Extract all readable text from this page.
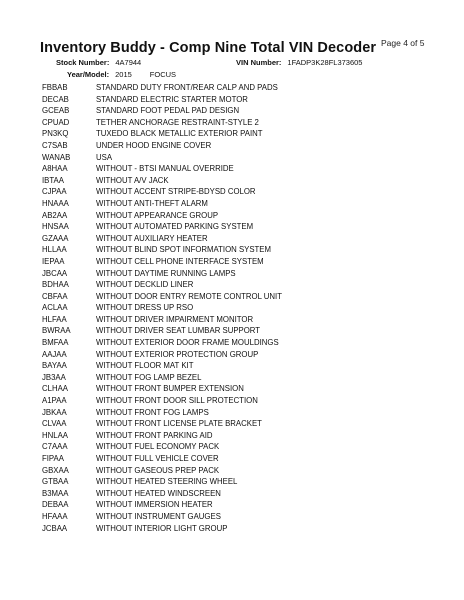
Page 4 of 5
Inventory Buddy - Comp Nine Total VIN Decoder
Stock Number: 4A7944	VIN Number: 1FADP3K28FL373605
Year/Model: 2015 FOCUS
FBBAB	STANDARD DUTY FRONT/REAR CALP AND PADS
DECAB	STANDARD ELECTRIC STARTER MOTOR
GCEAB	STANDARD FOOT PEDAL PAD DESIGN
CPUAD	TETHER ANCHORAGE RESTRAINT-STYLE 2
PN3KQ	TUXEDO BLACK METALLIC EXTERIOR PAINT
C7SAB	UNDER HOOD ENGINE COVER
WANAB	USA
A8HAA	WITHOUT - BTSI MANUAL OVERRIDE
IBTAA	WITHOUT A/V JACK
CJPAA	WITHOUT ACCENT STRIPE-BDYSD COLOR
HNAAA	WITHOUT ANTI-THEFT ALARM
AB2AA	WITHOUT APPEARANCE GROUP
HNSAA	WITHOUT AUTOMATED PARKING SYSTEM
GZAAA	WITHOUT AUXILIARY HEATER
HLLAA	WITHOUT BLIND SPOT INFORMATION SYSTEM
IEPAA	WITHOUT CELL PHONE INTERFACE SYSTEM
JBCAA	WITHOUT DAYTIME RUNNING LAMPS
BDHAA	WITHOUT DECKLID LINER
CBFAA	WITHOUT DOOR ENTRY REMOTE CONTROL UNIT
ACLAA	WITHOUT DRESS UP RSO
HLFAA	WITHOUT DRIVER IMPAIRMENT MONITOR
BWRAA	WITHOUT DRIVER SEAT LUMBAR SUPPORT
BMFAA	WITHOUT EXTERIOR DOOR FRAME MOULDINGS
AAJAA	WITHOUT EXTERIOR PROTECTION GROUP
BAYAA	WITHOUT FLOOR MAT KIT
JB3AA	WITHOUT FOG LAMP BEZEL
CLHAA	WITHOUT FRONT BUMPER EXTENSION
A1PAA	WITHOUT FRONT DOOR SILL PROTECTION
JBKAA	WITHOUT FRONT FOG LAMPS
CLVAA	WITHOUT FRONT LICENSE PLATE BRACKET
HNLAA	WITHOUT FRONT PARKING AID
C7AAA	WITHOUT FUEL ECONOMY PACK
FIPAA	WITHOUT FULL VEHICLE COVER
GBXAA	WITHOUT GASEOUS PREP PACK
GTBAA	WITHOUT HEATED STEERING WHEEL
B3MAA	WITHOUT HEATED WINDSCREEN
DEBAA	WITHOUT IMMERSION HEATER
HFAAA	WITHOUT INSTRUMENT GAUGES
JCBAA	WITHOUT INTERIOR LIGHT GROUP
